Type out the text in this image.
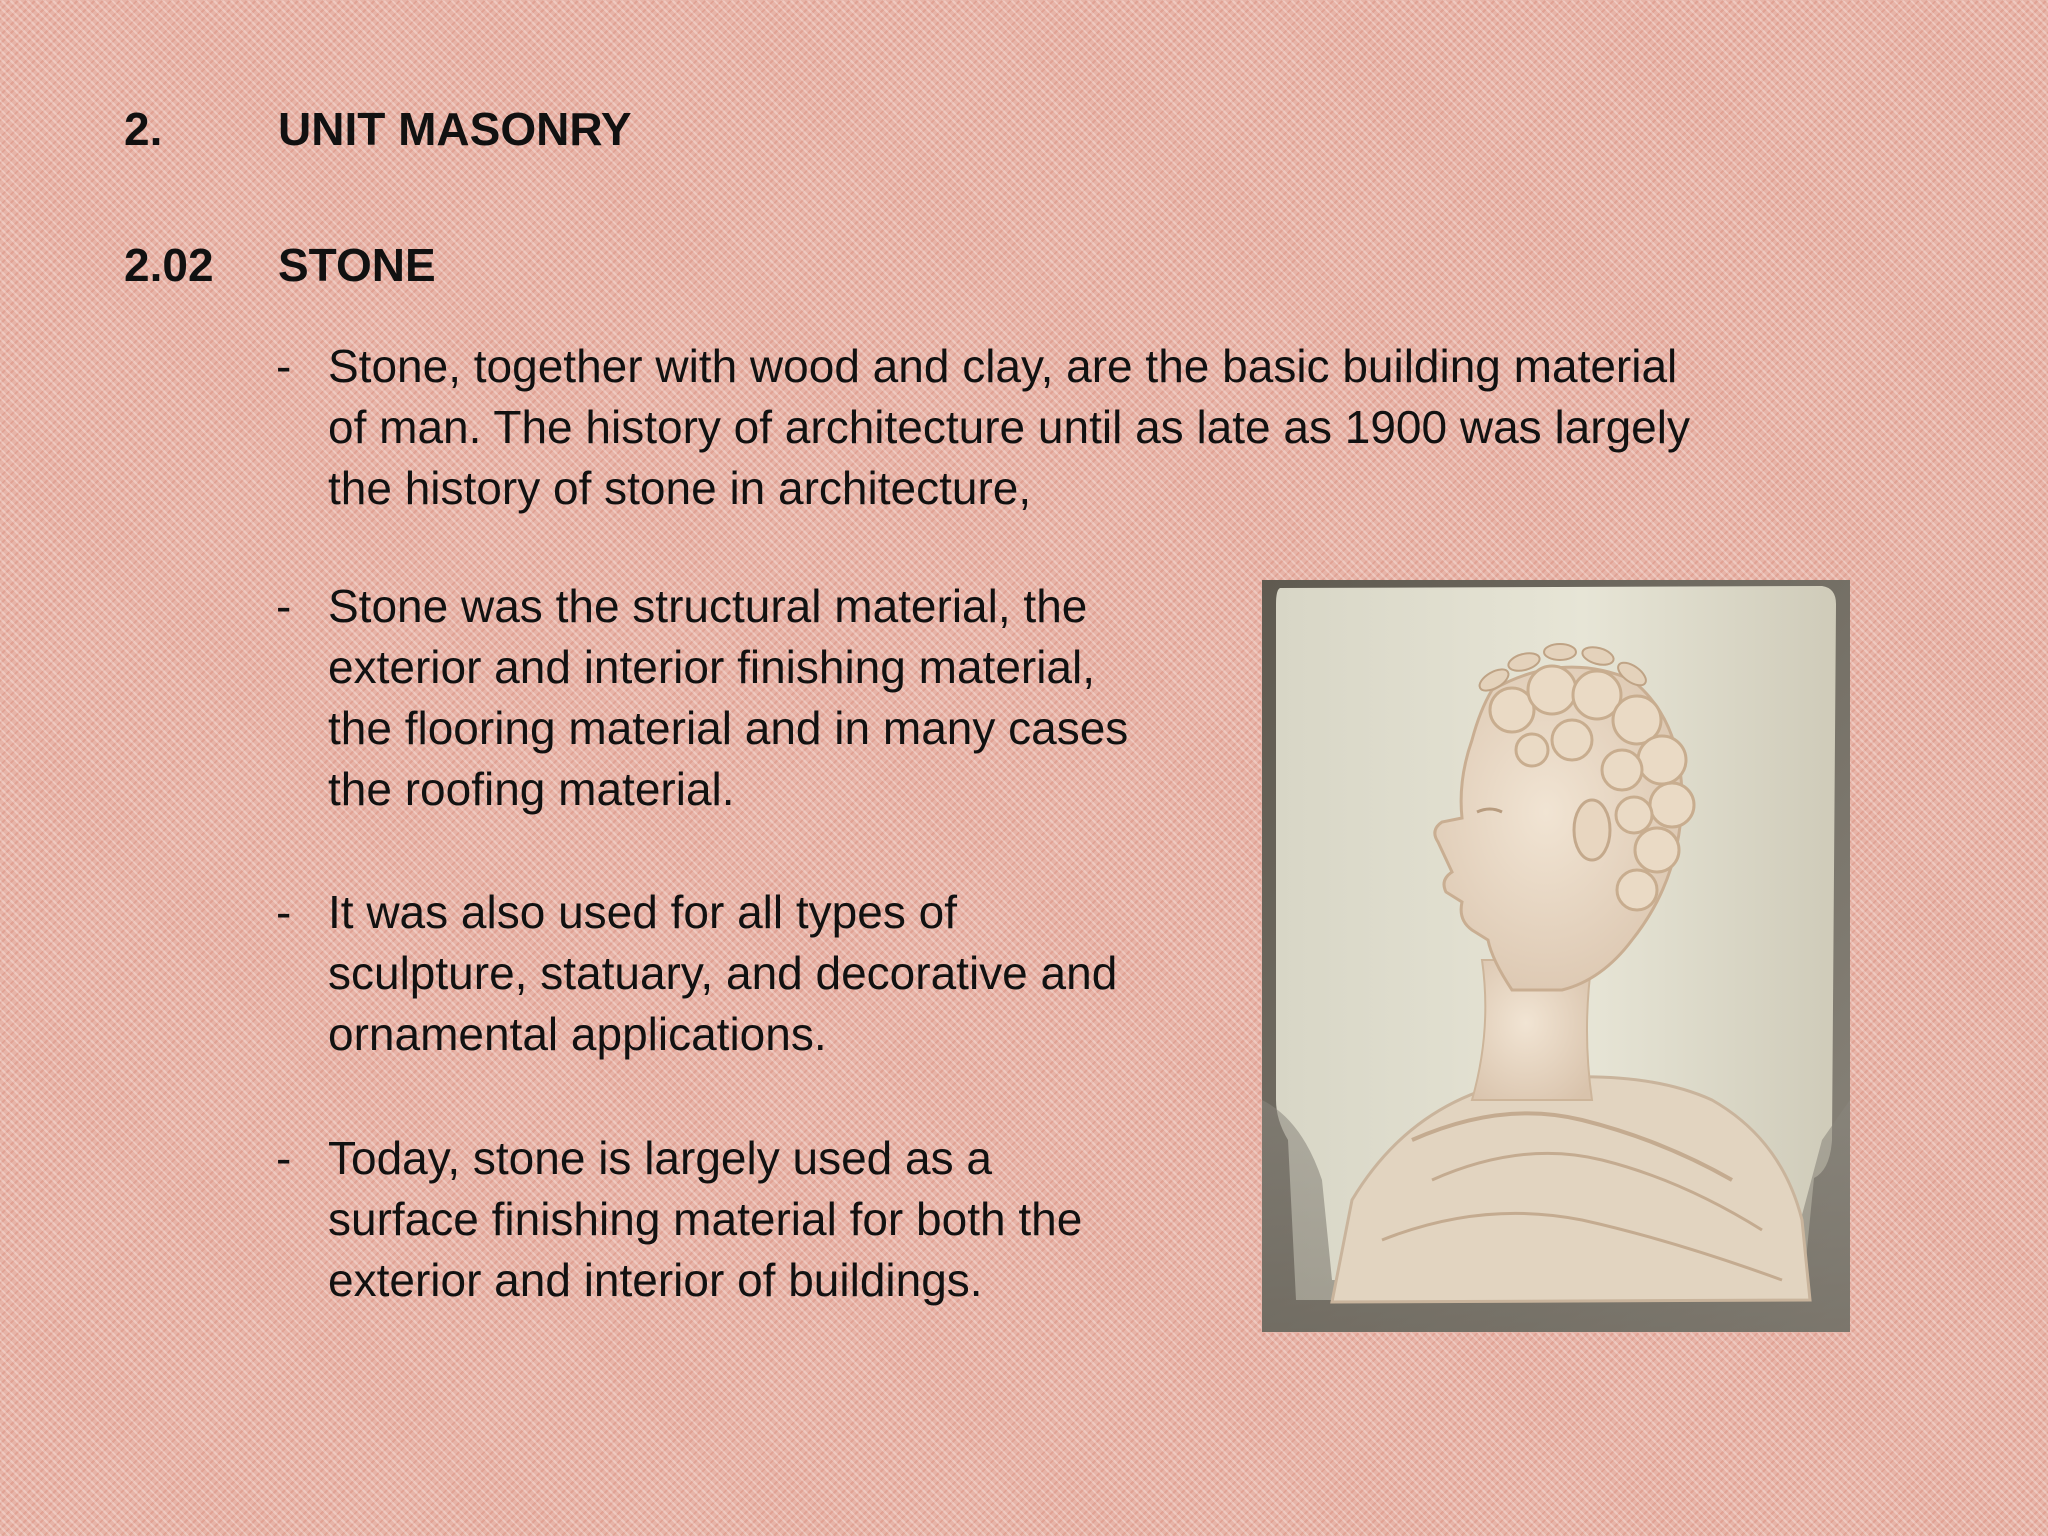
2.	UNIT MASONRY
2.02 STONE
- Stone, together with wood and clay, are the basic building material
of man. The history of architecture until as late as 1900 was largely
the history of stone in architecture,
- Stone was the structural material, the
exterior and interior finishing material,
the flooring material and in many cases
the roofing material.
- It was also used for all types of
sculpture, statuary, and decorative and
ornamental applications.
- Today, stone is largely used as a
surface finishing material for both the
exterior and interior of buildings.
